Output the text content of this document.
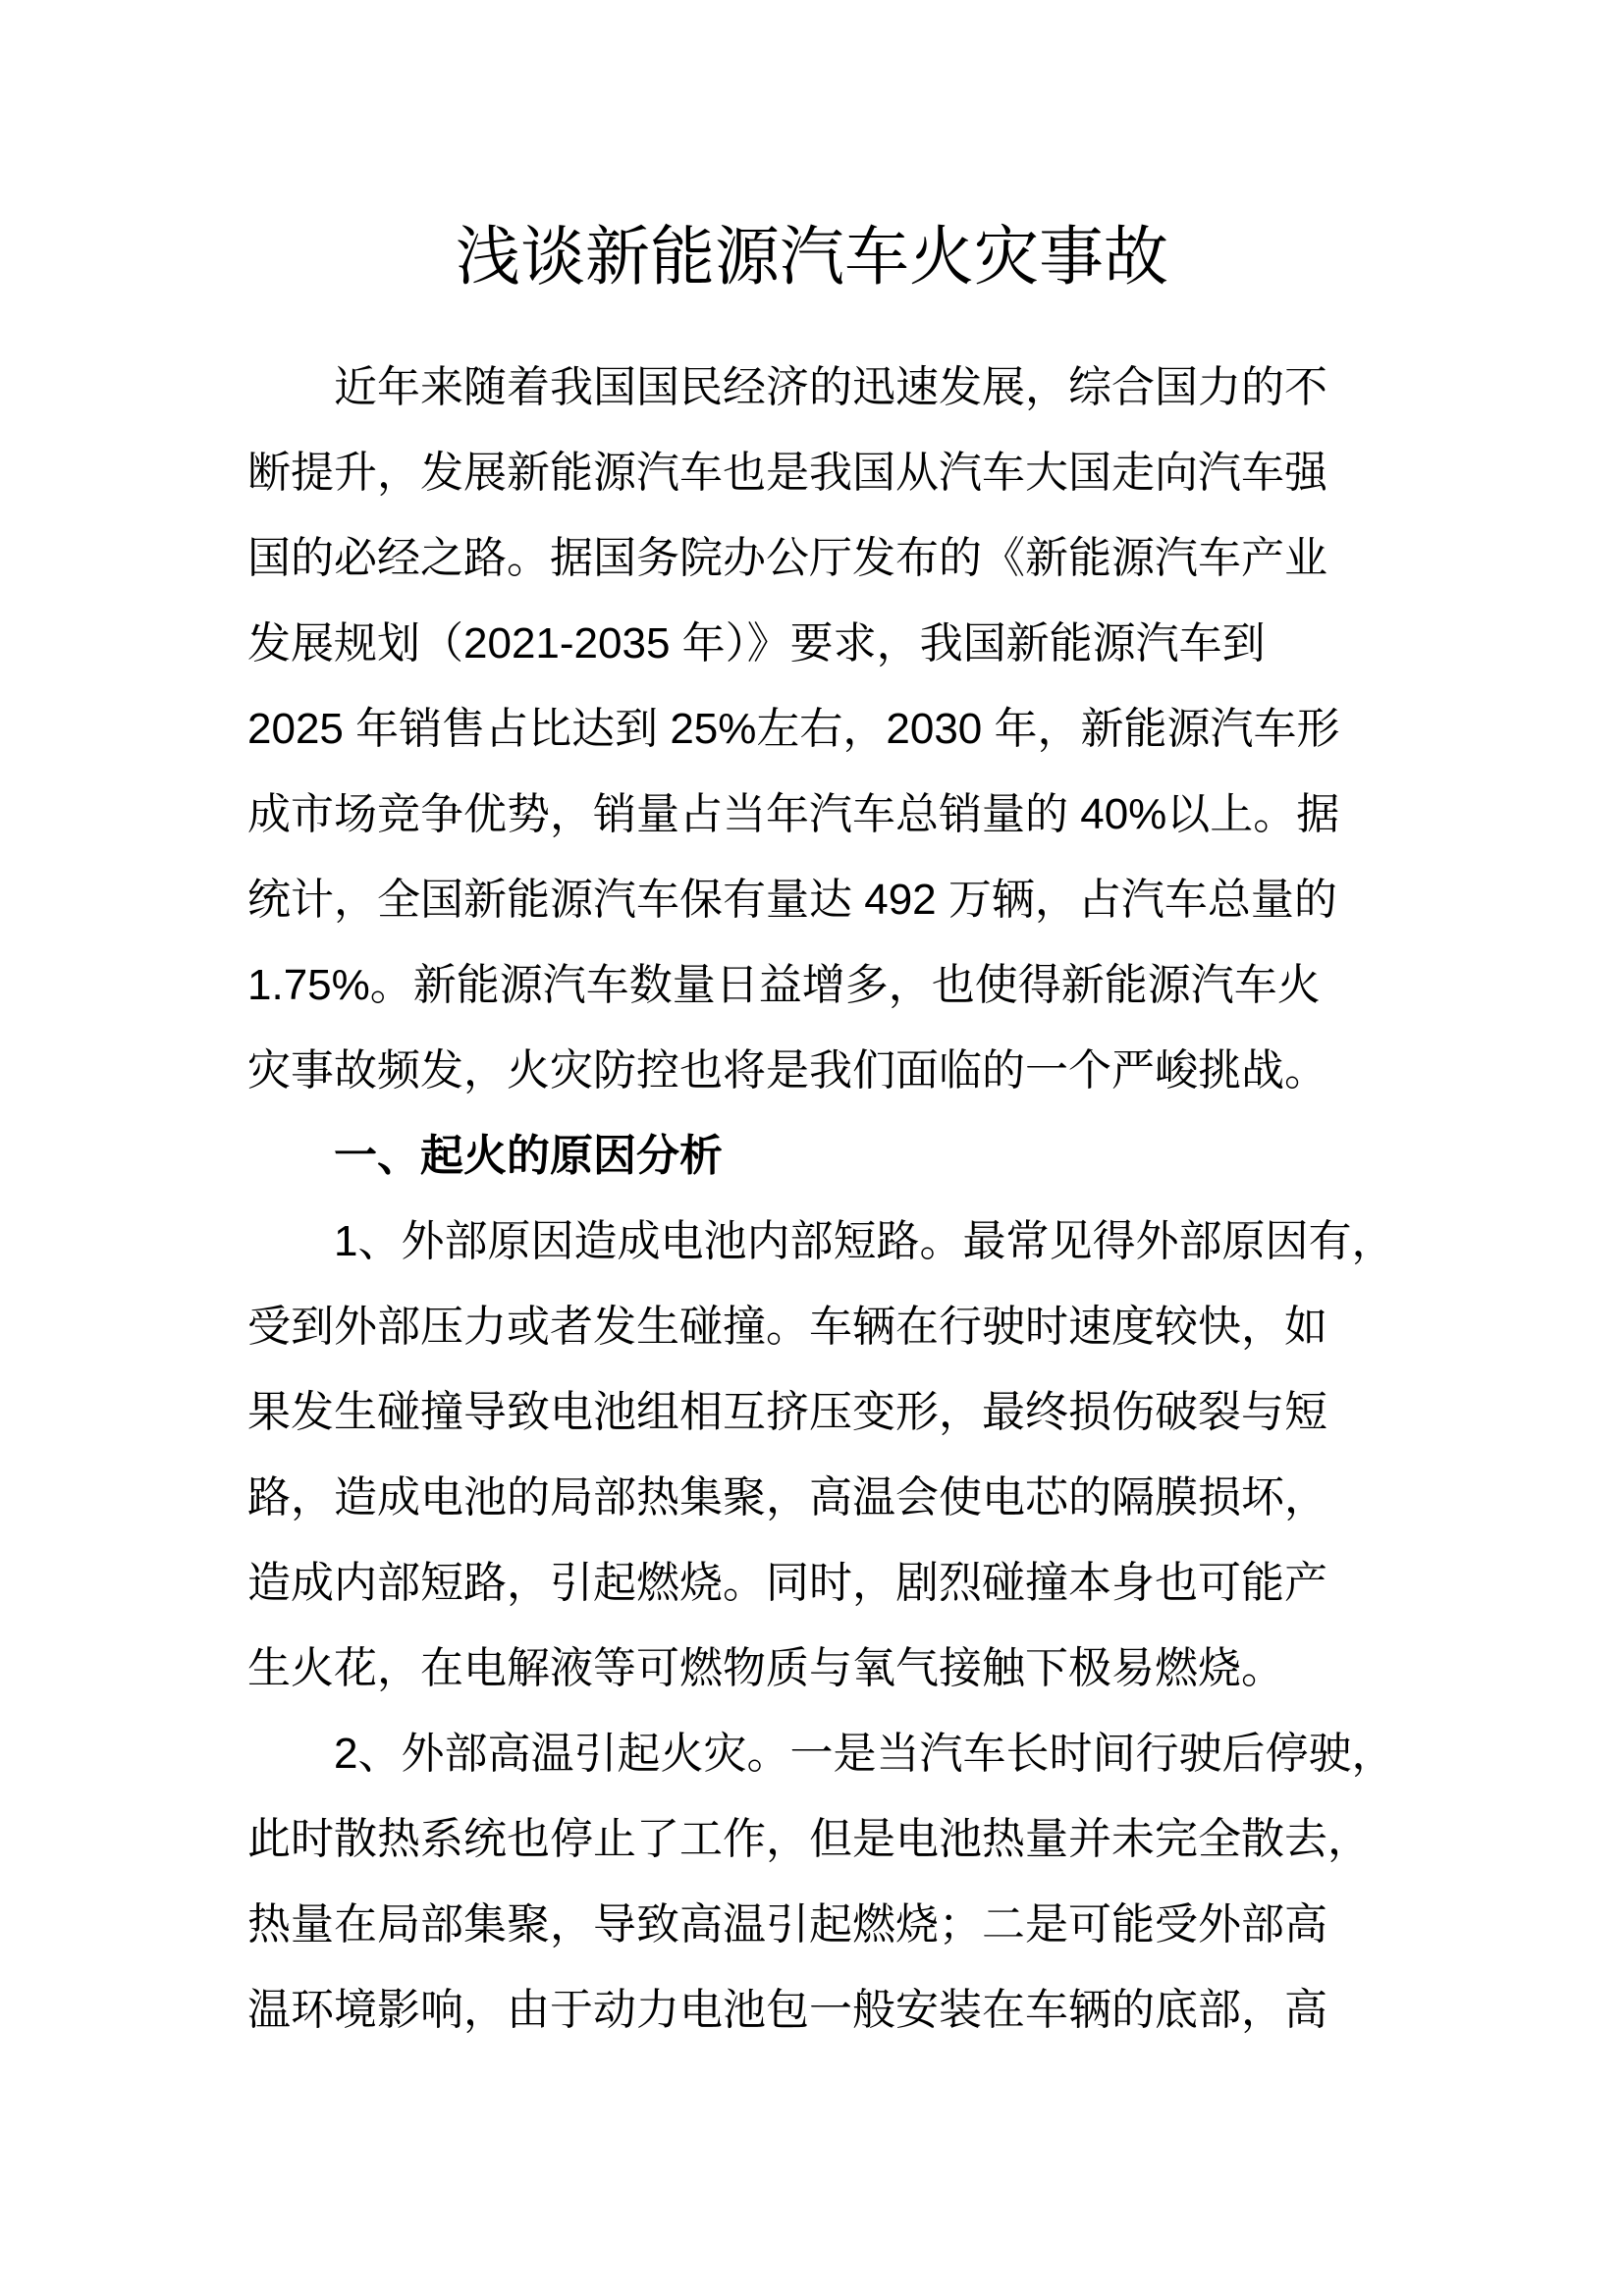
浅谈新能源汽车火灾事故
近年来随着我国国民经济的迅速发展，综合国力的不
断提升，发展新能源汽车也是我国从汽车大国走向汽车强
国的必经之路。据国务院办公厅发布的《新能源汽车产业
发展规划（2021-2035 年）》要求，我国新能源汽车到
2025 年销售占比达到 25%左右，2030 年，新能源汽车形
成市场竞争优势，销量占当年汽车总销量的 40%以上。据
统计，全国新能源汽车保有量达 492 万辆，占汽车总量的
1.75%。新能源汽车数量日益增多，也使得新能源汽车火
灾事故频发，火灾防控也将是我们面临的一个严峻挑战。
一、起火的原因分析
1、外部原因造成电池内部短路。最常见得外部原因有，
受到外部压力或者发生碰撞。车辆在行驶时速度较快，如
果发生碰撞导致电池组相互挤压变形，最终损伤破裂与短
路，造成电池的局部热集聚，高温会使电芯的隔膜损坏，
造成内部短路，引起燃烧。同时，剧烈碰撞本身也可能产
生火花，在电解液等可燃物质与氧气接触下极易燃烧。
2、外部高温引起火灾。一是当汽车长时间行驶后停驶，
此时散热系统也停止了工作，但是电池热量并未完全散去，
热量在局部集聚，导致高温引起燃烧；二是可能受外部高
温环境影响，由于动力电池包一般安装在车辆的底部，高
